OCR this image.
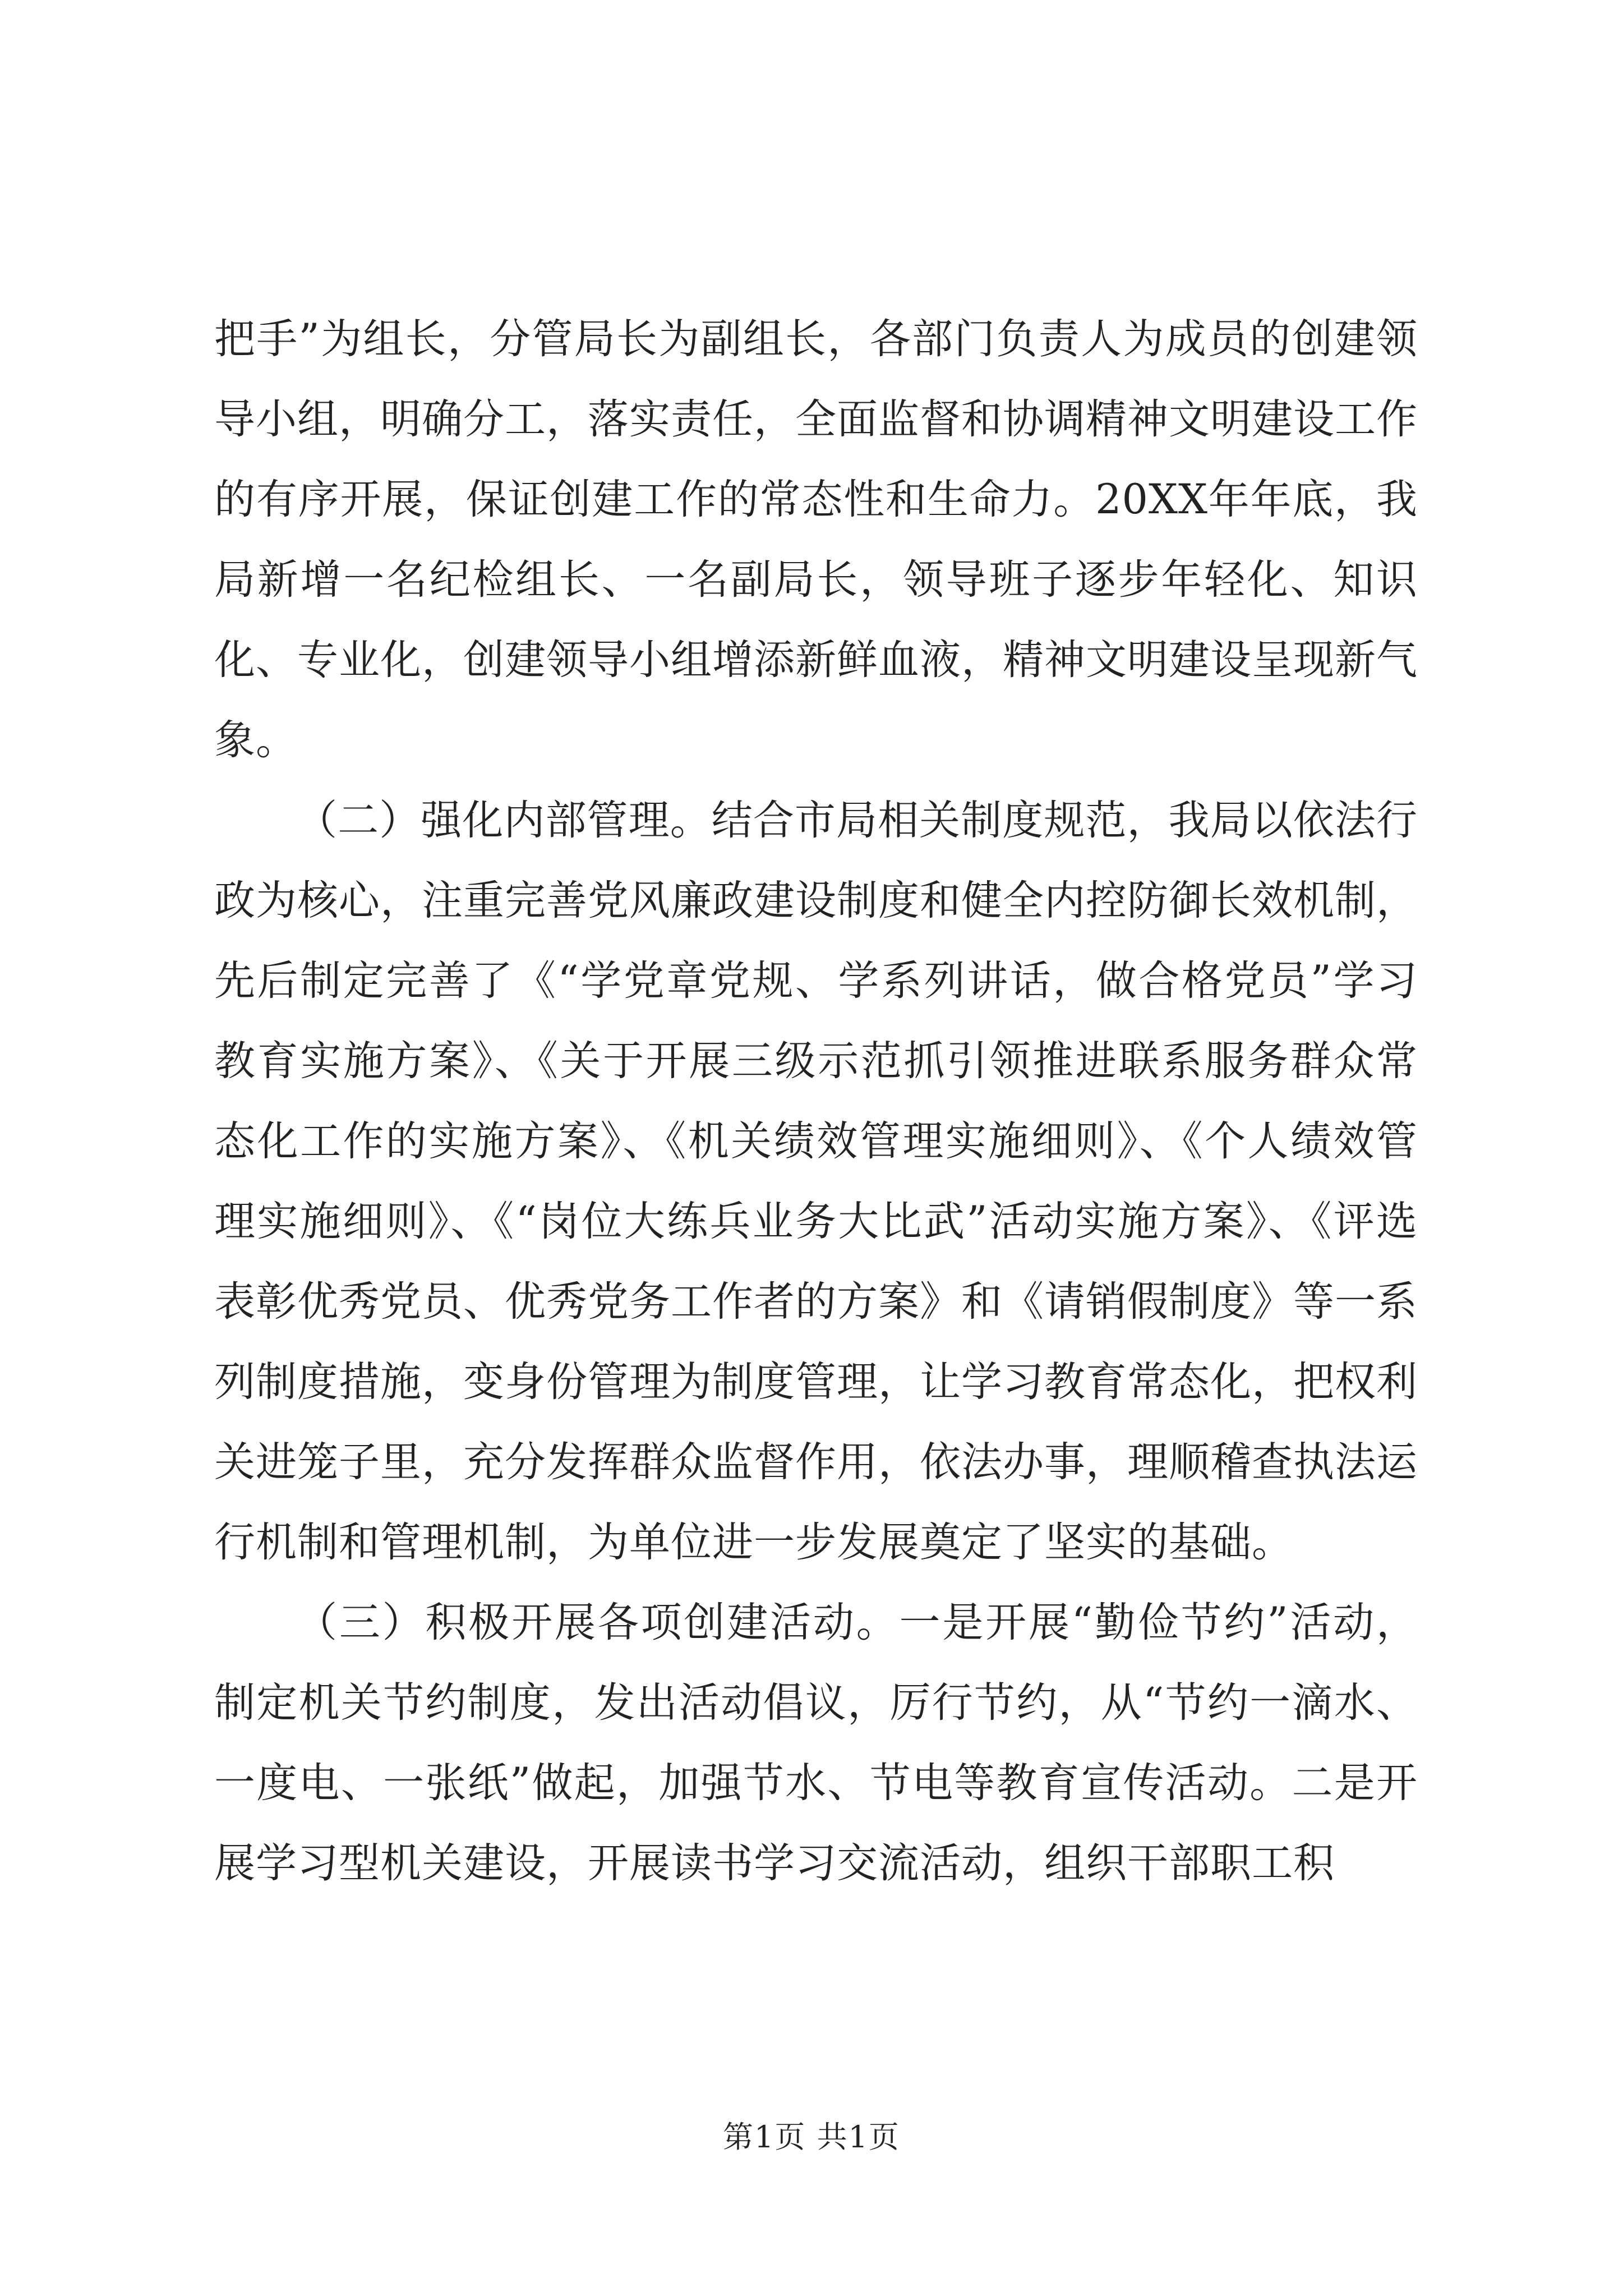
把手”为组长，分管局长为副组长，各部门负责人为成员的创建领导小组，明确分工，落实责任，全面监督和协调精神文明建设工作的有序开展，保证创建工作的常态性和生命力。20XX年年底，我局新增一名纪检组长、一名副局长，领导班子逐步年轻化、知识化、专业化，创建领导小组增添新鲜血液，精神文明建设呈现新气象。

（二）强化内部管理。结合市局相关制度规范，我局以依法行政为核心，注重完善党风廉政建设制度和健全内控防御长效机制，先后制定完善了《“学党章党规、学系列讲话，做合格党员”学习教育实施方案》、《关于开展三级示范抓引领推进联系服务群众常态化工作的实施方案》、《机关绩效管理实施细则》、《个人绩效管理实施细则》、《“岗位大练兵业务大比武”活动实施方案》、《评选表彰优秀党员、优秀党务工作者的方案》和《请销假制度》等一系列制度措施，变身份管理为制度管理，让学习教育常态化，把权利关进笼子里，充分发挥群众监督作用，依法办事，理顺稽查执法运行机制和管理机制，为单位进一步发展奠定了坚实的基础。

（三）积极开展各项创建活动。一是开展“勤俭节约”活动，制定机关节约制度，发出活动倡议，厉行节约，从“节约一滴水、一度电、一张纸”做起，加强节水、节电等教育宣传活动。二是开展学习型机关建设，开展读书学习交流活动，组织干部职工积

第1页 共1页
